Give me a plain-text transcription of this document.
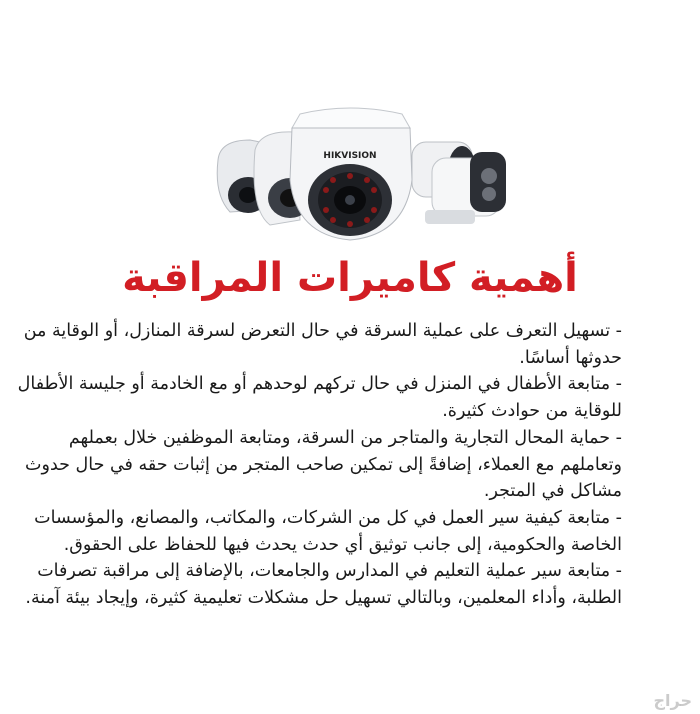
HIKVISION
أهمية كاميرات المراقبة

- تسهيل التعرف على عملية السرقة في حال التعرض لسرقة المنازل، أو الوقاية من حدوثها أساسًا.

- متابعة الأطفال في المنزل في حال تركهم لوحدهم أو مع الخادمة أو جليسة الأطفال للوقاية من حوادث كثيرة.

- حماية المحال التجارية والمتاجر من السرقة، ومتابعة الموظفين خلال بعملهم وتعاملهم مع العملاء، إضافةً إلى تمكين صاحب المتجر من إثبات حقه في حال حدوث مشاكل في المتجر.

- متابعة كيفية سير العمل في كل من الشركات، والمكاتب، والمصانع، والمؤسسات الخاصة والحكومية، إلى جانب توثيق أي حدث يحدث فيها للحفاظ على الحقوق.

- متابعة سير عملية التعليم في المدارس والجامعات، بالإضافة إلى مراقبة تصرفات الطلبة، وأداء المعلمين، وبالتالي تسهيل حل مشكلات تعليمية كثيرة، وإيجاد بيئة آمنة.

حراج
